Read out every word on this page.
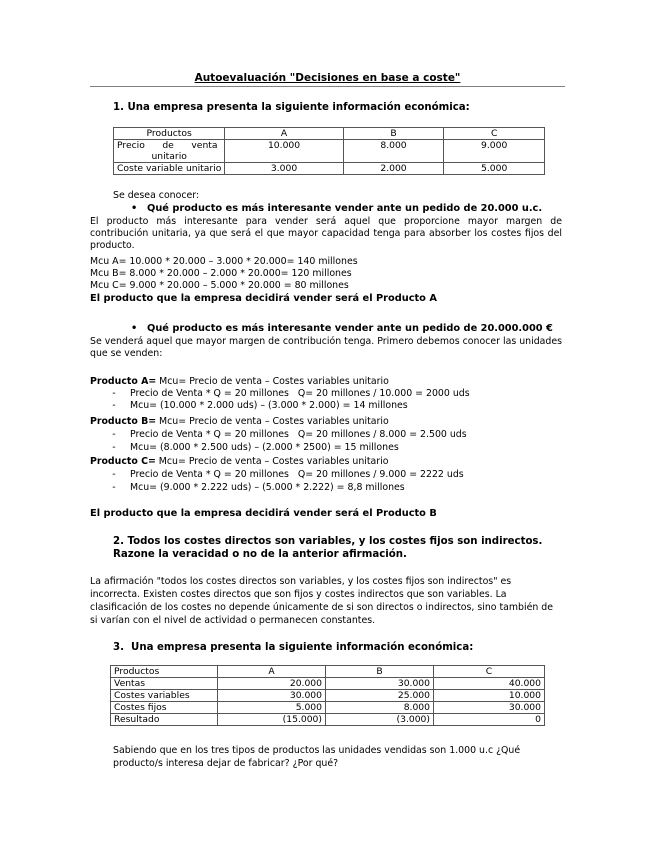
Autoevaluación "Decisiones en base a coste"
1. Una empresa presenta la siguiente información económica:
Productos	A	B	C

Precio      de      venta
unitario	10.000	8.000	9.000
Coste variable unitario	3.000	2.000	5.000
Se desea conocer:
• Qué producto es más interesante vender ante un pedido de 20.000 u.c.
El producto más interesante para vender será aquel que proporcione mayor margen de contribución unitaria, ya que será el que mayor capacidad tenga para absorber los costes fijos del producto.
Mcu A= 10.000 * 20.000 – 3.000 * 20.000= 140 millones
Mcu B= 8.000 * 20.000 – 2.000 * 20.000= 120 millones
Mcu C= 9.000 * 20.000 – 5.000 * 20.000 = 80 millones
El producto que la empresa decidirá vender será el Producto A
• Qué producto es más interesante vender ante un pedido de 20.000.000 €
Se venderá aquel que mayor margen de contribución tenga. Primero debemos conocer las unidades que se venden:
Producto A= Mcu= Precio de venta – Costes variables unitario
- Precio de Venta * Q = 20 millones   Q= 20 millones / 10.000 = 2000 uds
- Mcu= (10.000 * 2.000 uds) – (3.000 * 2.000) = 14 millones
Producto B= Mcu= Precio de venta – Costes variables unitario
- Precio de Venta * Q = 20 millones   Q= 20 millones / 8.000 = 2.500 uds
- Mcu= (8.000 * 2.500 uds) – (2.000 * 2500) = 15 millones
Producto C= Mcu= Precio de venta – Costes variables unitario
- Precio de Venta * Q = 20 millones   Q= 20 millones / 9.000 = 2222 uds
- Mcu= (9.000 * 2.222 uds) – (5.000 * 2.222) = 8,8 millones
El producto que la empresa decidirá vender será el Producto B
2. Todos los costes directos son variables, y los costes fijos son indirectos.
Razone la veracidad o no de la anterior afirmación.
La afirmación "todos los costes directos son variables, y los costes fijos son indirectos" es
incorrecta. Existen costes directos que son fijos y costes indirectos que son variables. La
clasificación de los costes no depende únicamente de si son directos o indirectos, sino también de
si varían con el nivel de actividad o permanecen constantes.
3.  Una empresa presenta la siguiente información económica:
Productos	A	B	C
Ventas	20.000	30.000	40.000
Costes variables	30.000	25.000	10.000
Costes fijos	5.000	8.000	30.000
Resultado	(15.000)	(3.000)	0
Sabiendo que en los tres tipos de productos las unidades vendidas son 1.000 u.c ¿Qué
producto/s interesa dejar de fabricar? ¿Por qué?
